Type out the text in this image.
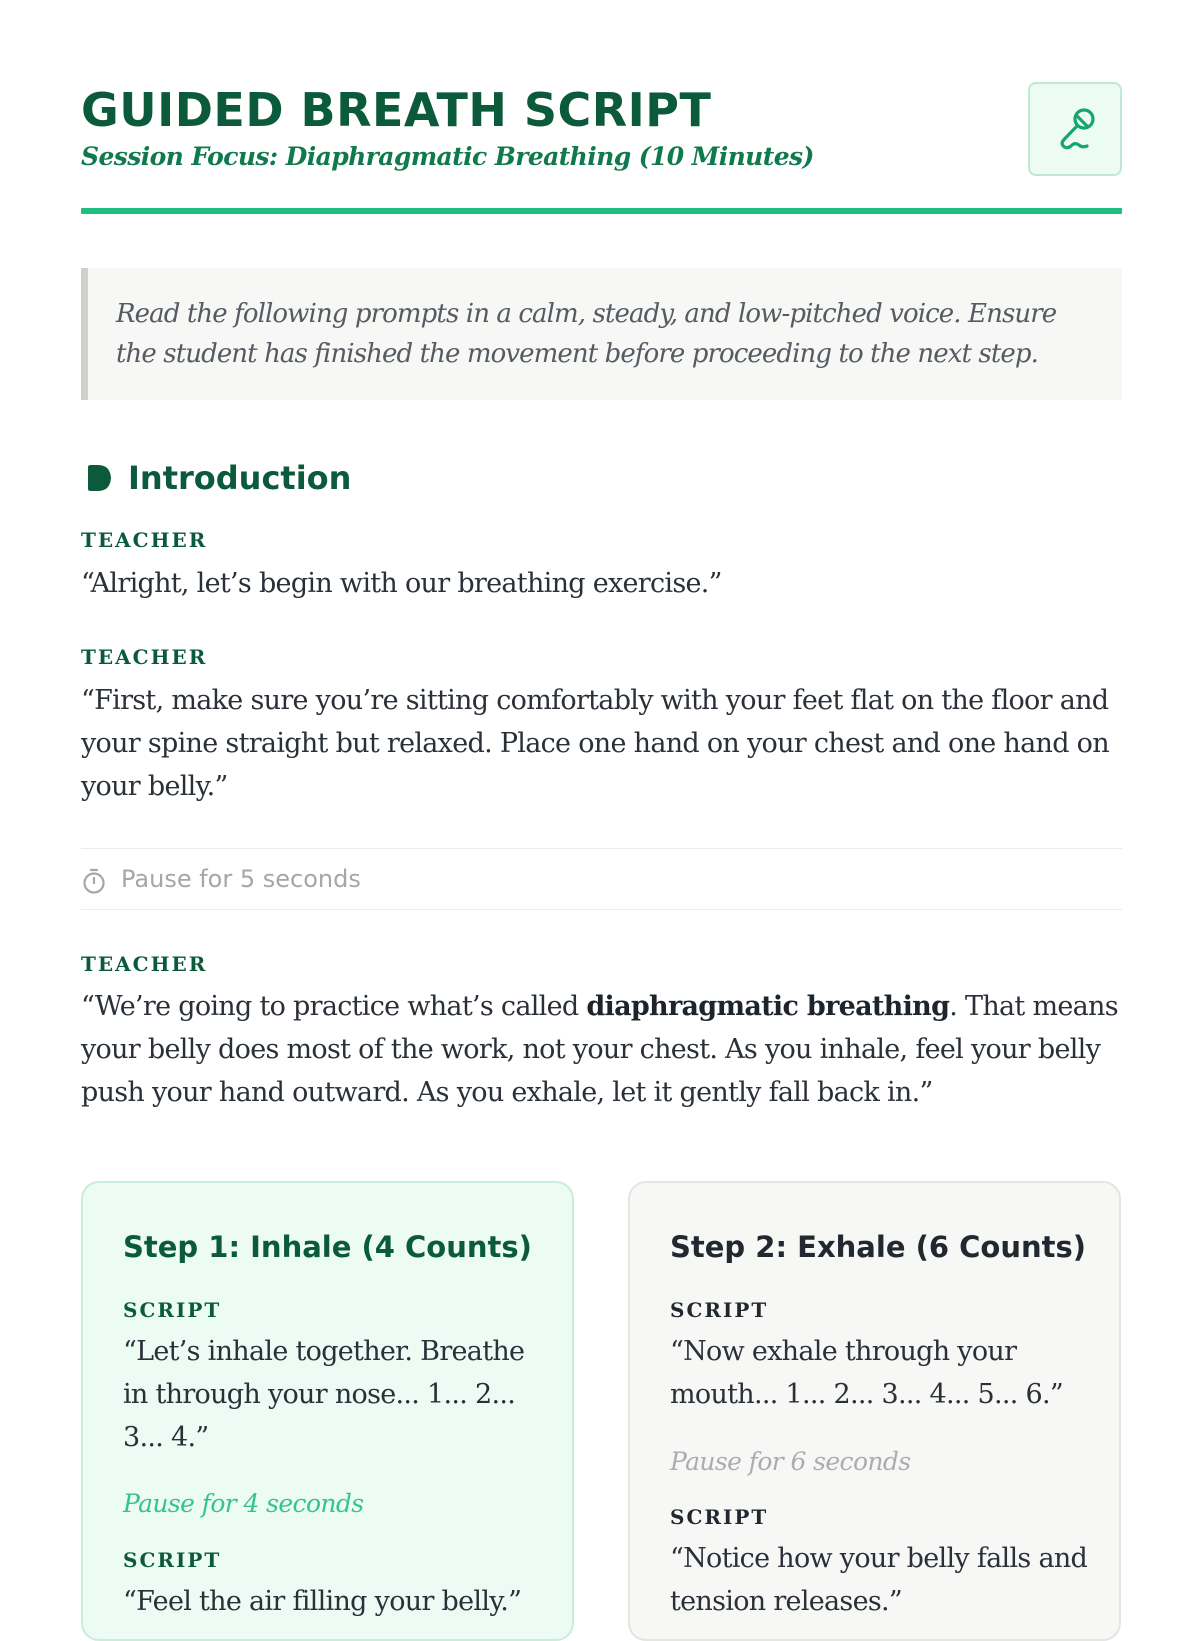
GUIDED BREATH SCRIPT

Session Focus: Diaphragmatic Breathing (10 Minutes)

Read the following prompts in a calm, steady, and low-pitched voice. Ensure the student has finished the movement before proceeding to the next step.

Introduction

TEACHER

“Alright, let’s begin with our breathing exercise.”

TEACHER

“First, make sure you’re sitting comfortably with your feet flat on the floor and your spine straight but relaxed. Place one hand on your chest and one hand on your belly.”

Pause for 5 seconds

TEACHER

“We’re going to practice what’s called diaphragmatic breathing. That means your belly does most of the work, not your chest. As you inhale, feel your belly push your hand outward. As you exhale, let it gently fall back in.”

Step 1: Inhale (4 Counts)

SCRIPT

“Let’s inhale together. Breathe in through your nose... 1... 2... 3... 4.”

Pause for 4 seconds

SCRIPT

“Feel the air filling your belly.”

Step 2: Exhale (6 Counts)

SCRIPT

“Now exhale through your mouth... 1... 2... 3... 4... 5... 6.”

Pause for 6 seconds

SCRIPT

“Notice how your belly falls and tension releases.”
